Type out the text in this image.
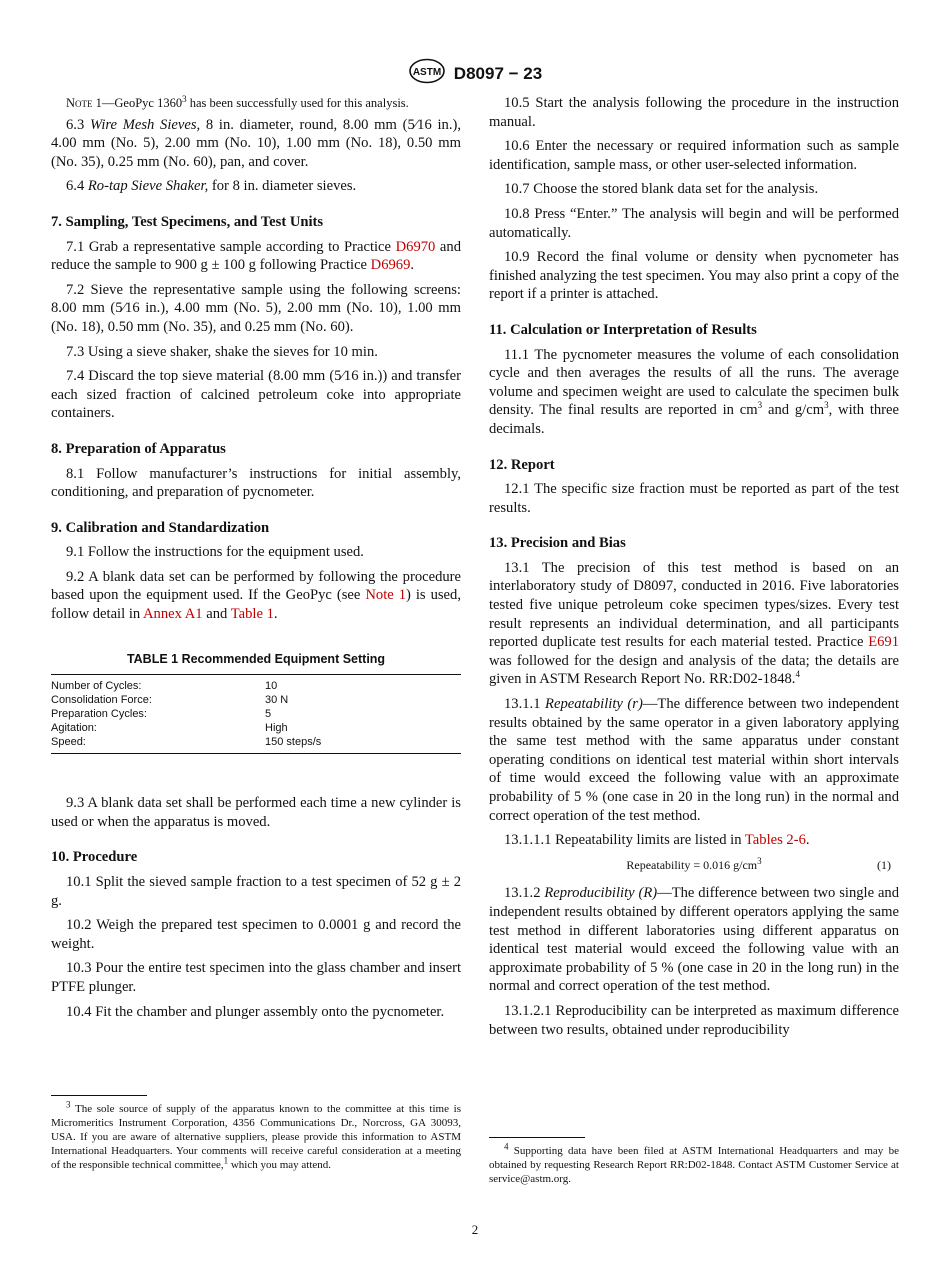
ASTM D8097 − 23

Note 1—GeoPyc 1360$^3$ has been successfully used for this analysis.

6.3 Wire Mesh Sieves, 8 in. diameter, round, 8.00 mm (5⁄16 in.), 4.00 mm (No. 5), 2.00 mm (No. 10), 1.00 mm (No. 18), 0.50 mm (No. 35), 0.25 mm (No. 60), pan, and cover.

6.4 Ro-tap Sieve Shaker, for 8 in. diameter sieves.

7. Sampling, Test Specimens, and Test Units

7.1 Grab a representative sample according to Practice D6970 and reduce the sample to 900 g ± 100 g following Practice D6969.

7.2 Sieve the representative sample using the following screens: 8.00 mm (5⁄16 in.), 4.00 mm (No. 5), 2.00 mm (No. 10), 1.00 mm (No. 18), 0.50 mm (No. 35), and 0.25 mm (No. 60).

7.3 Using a sieve shaker, shake the sieves for 10 min.

7.4 Discard the top sieve material (8.00 mm (5⁄16 in.)) and transfer each sized fraction of calcined petroleum coke into appropriate containers.

8. Preparation of Apparatus

8.1 Follow manufacturer’s instructions for initial assembly, conditioning, and preparation of pycnometer.

9. Calibration and Standardization

9.1 Follow the instructions for the equipment used.

9.2 A blank data set can be performed by following the procedure based upon the equipment used. If the GeoPyc (see Note 1) is used, follow detail in Annex A1 and Table 1.

TABLE 1 Recommended Equipment Setting
Number of Cycles:	10
Consolidation Force:	30 N
Preparation Cycles:	5
Agitation:	High
Speed:	150 steps/s

9.3 A blank data set shall be performed each time a new cylinder is used or when the apparatus is moved.

10. Procedure

10.1 Split the sieved sample fraction to a test specimen of 52 g ± 2 g.

10.2 Weigh the prepared test specimen to 0.0001 g and record the weight.

10.3 Pour the entire test specimen into the glass chamber and insert PTFE plunger.

10.4 Fit the chamber and plunger assembly onto the pycnometer.

$^3$ The sole source of supply of the apparatus known to the committee at this time is Micromeritics Instrument Corporation, 4356 Communications Dr., Norcross, GA 30093, USA. If you are aware of alternative suppliers, please provide this information to ASTM International Headquarters. Your comments will receive careful consideration at a meeting of the responsible technical committee,$^1$ which you may attend.

10.5 Start the analysis following the procedure in the instruction manual.

10.6 Enter the necessary or required information such as sample identification, sample mass, or other user-selected information.

10.7 Choose the stored blank data set for the analysis.

10.8 Press “Enter.” The analysis will begin and will be performed automatically.

10.9 Record the final volume or density when pycnometer has finished analyzing the test specimen. You may also print a copy of the report if a printer is attached.

11. Calculation or Interpretation of Results

11.1 The pycnometer measures the volume of each consolidation cycle and then averages the results of all the runs. The average volume and specimen weight are used to calculate the specimen bulk density. The final results are reported in $cm^3$ and $g/cm^3$, with three decimals.

12. Report

12.1 The specific size fraction must be reported as part of the test results.

13. Precision and Bias

13.1 The precision of this test method is based on an interlaboratory study of D8097, conducted in 2016. Five laboratories tested five unique petroleum coke specimen types/sizes. Every test result represents an individual determination, and all participants reported duplicate test results for each material tested. Practice E691 was followed for the design and analysis of the data; the details are given in ASTM Research Report No. RR:D02-1848.$^4$

13.1.1 Repeatability (r)—The difference between two independent results obtained by the same operator in a given laboratory applying the same test method with the same apparatus under constant operating conditions on identical test material within short intervals of time would exceed the following value with an approximate probability of 5 % (one case in 20 in the long run) in the normal and correct operation of the test method.

13.1.1.1 Repeatability limits are listed in Tables 2-6.

Repeatability = 0.016 $g/cm^3$	(1)

13.1.2 Reproducibility (R)—The difference between two single and independent results obtained by different operators applying the same test method in different laboratories using different apparatus on identical test material would exceed the following value with an approximate probability of 5 % (one case in 20 in the long run) in the normal and correct operation of the test method.

13.1.2.1 Reproducibility can be interpreted as maximum difference between two results, obtained under reproducibility

$^4$ Supporting data have been filed at ASTM International Headquarters and may be obtained by requesting Research Report RR:D02-1848. Contact ASTM Customer Service at service@astm.org.

2
